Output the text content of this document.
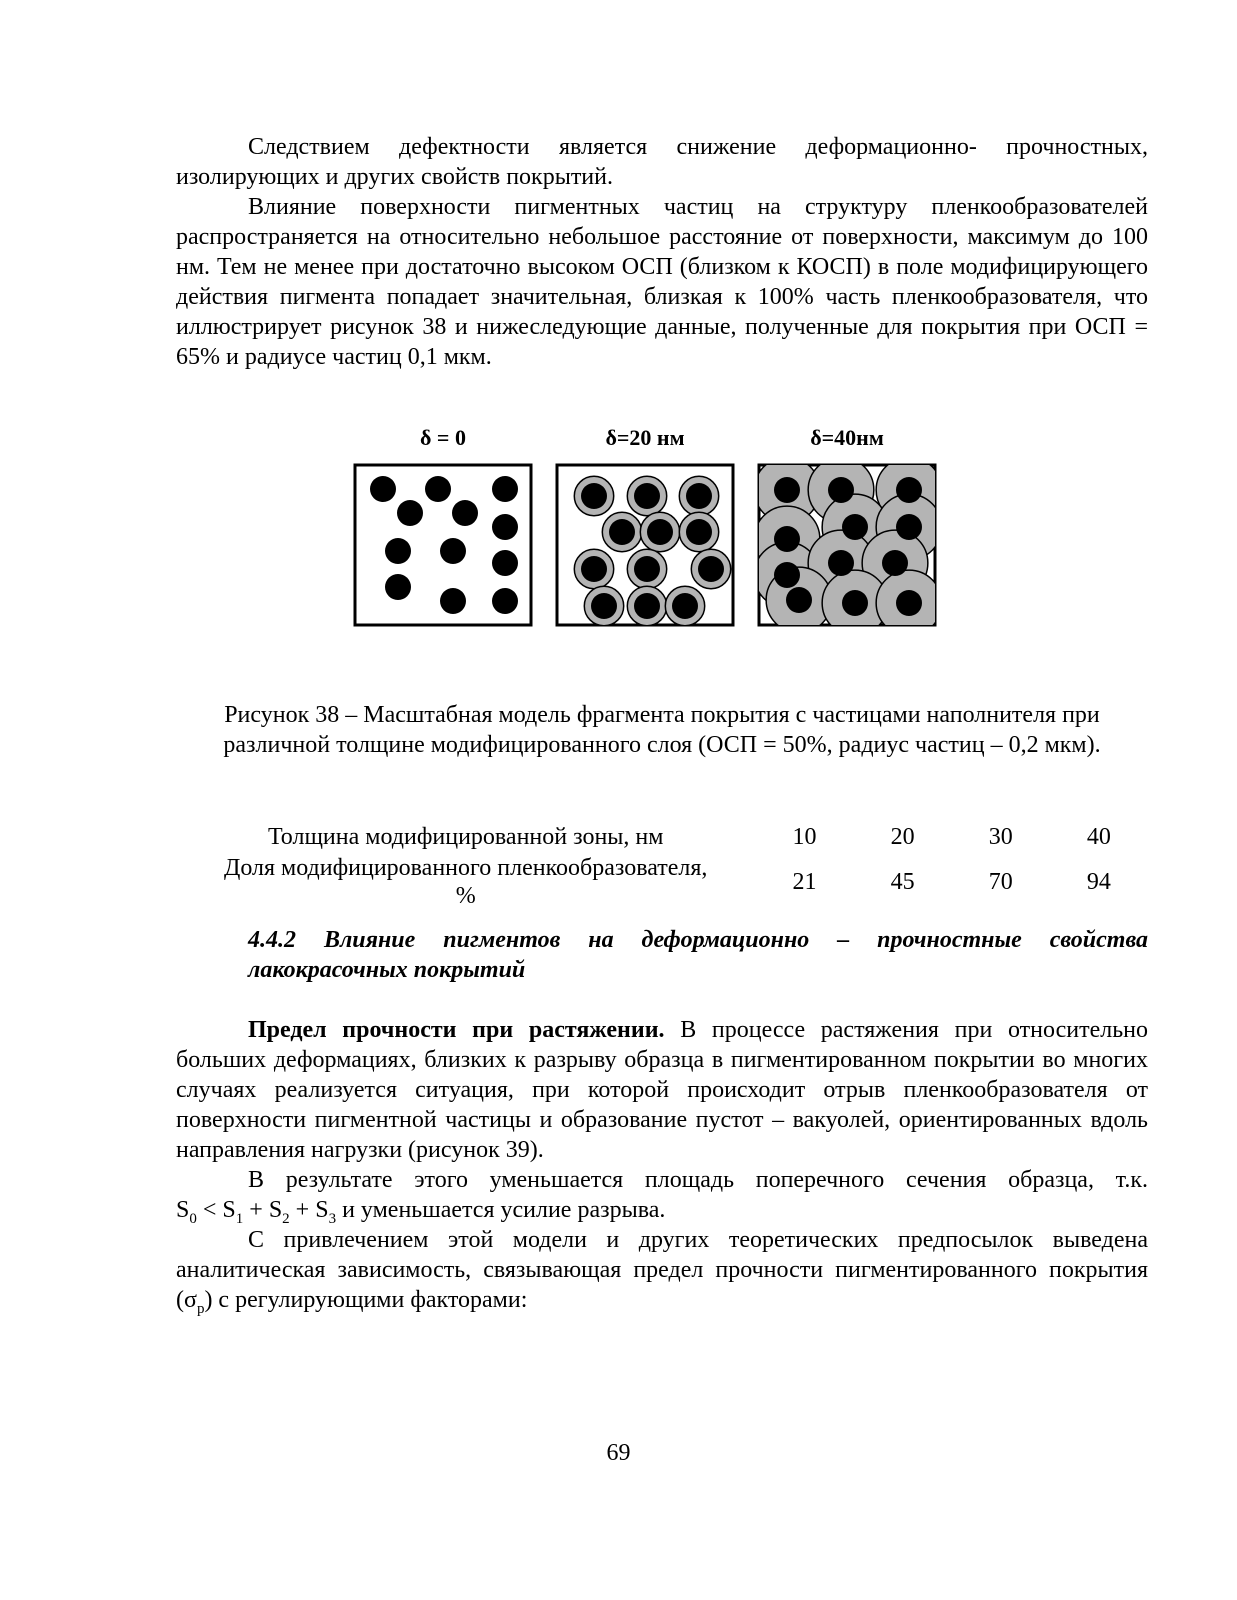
Следствием дефектности является снижение деформационно- прочностных, изолирующих и других свойств покрытий.

Влияние поверхности пигментных частиц на структуру пленкообразователей распространяется на относительно небольшое расстояние от поверхности, максимум до 100 нм. Тем не менее при достаточно высоком ОСП (близком к КОСП) в поле модифицирующего действия пигмента попадает значительная, близкая к 100% часть пленкообразователя, что иллюстрирует рисунок 38 и нижеследующие данные, полученные для покрытия при ОСП = 65% и радиусе частиц 0,1 мкм.

δ = 0	δ=20 нм	δ=40нм
Рисунок 38 – Масштабная модель фрагмента покрытия с частицами наполнителя при различной толщине модифицированного слоя (ОСП = 50%, радиус частиц – 0,2 мкм).
Толщина модифицированной зоны, нм	10	20	30	40
Доля модифицированного пленкообразователя, %	21	45	70	94
4.4.2 Влияние пигментов на деформационно – прочностные свойства лакокрасочных покрытий

Предел прочности при растяжении. В процессе растяжения при относительно больших деформациях, близких к разрыву образца в пигментированном покрытии во многих случаях реализуется ситуация, при которой происходит отрыв пленкообразователя от поверхности пигментной частицы и образование пустот – вакуолей, ориентированных вдоль направления нагрузки (рисунок 39).

В результате этого уменьшается площадь поперечного сечения образца, т.к. $S_0 < S_1 + S_2 + S_3$ и уменьшается усилие разрыва.

С привлечением этой модели и других теоретических предпосылок выведена аналитическая зависимость, связывающая предел прочности пигментированного покрытия $(\sigma_р)$ с регулирующими факторами:

69
